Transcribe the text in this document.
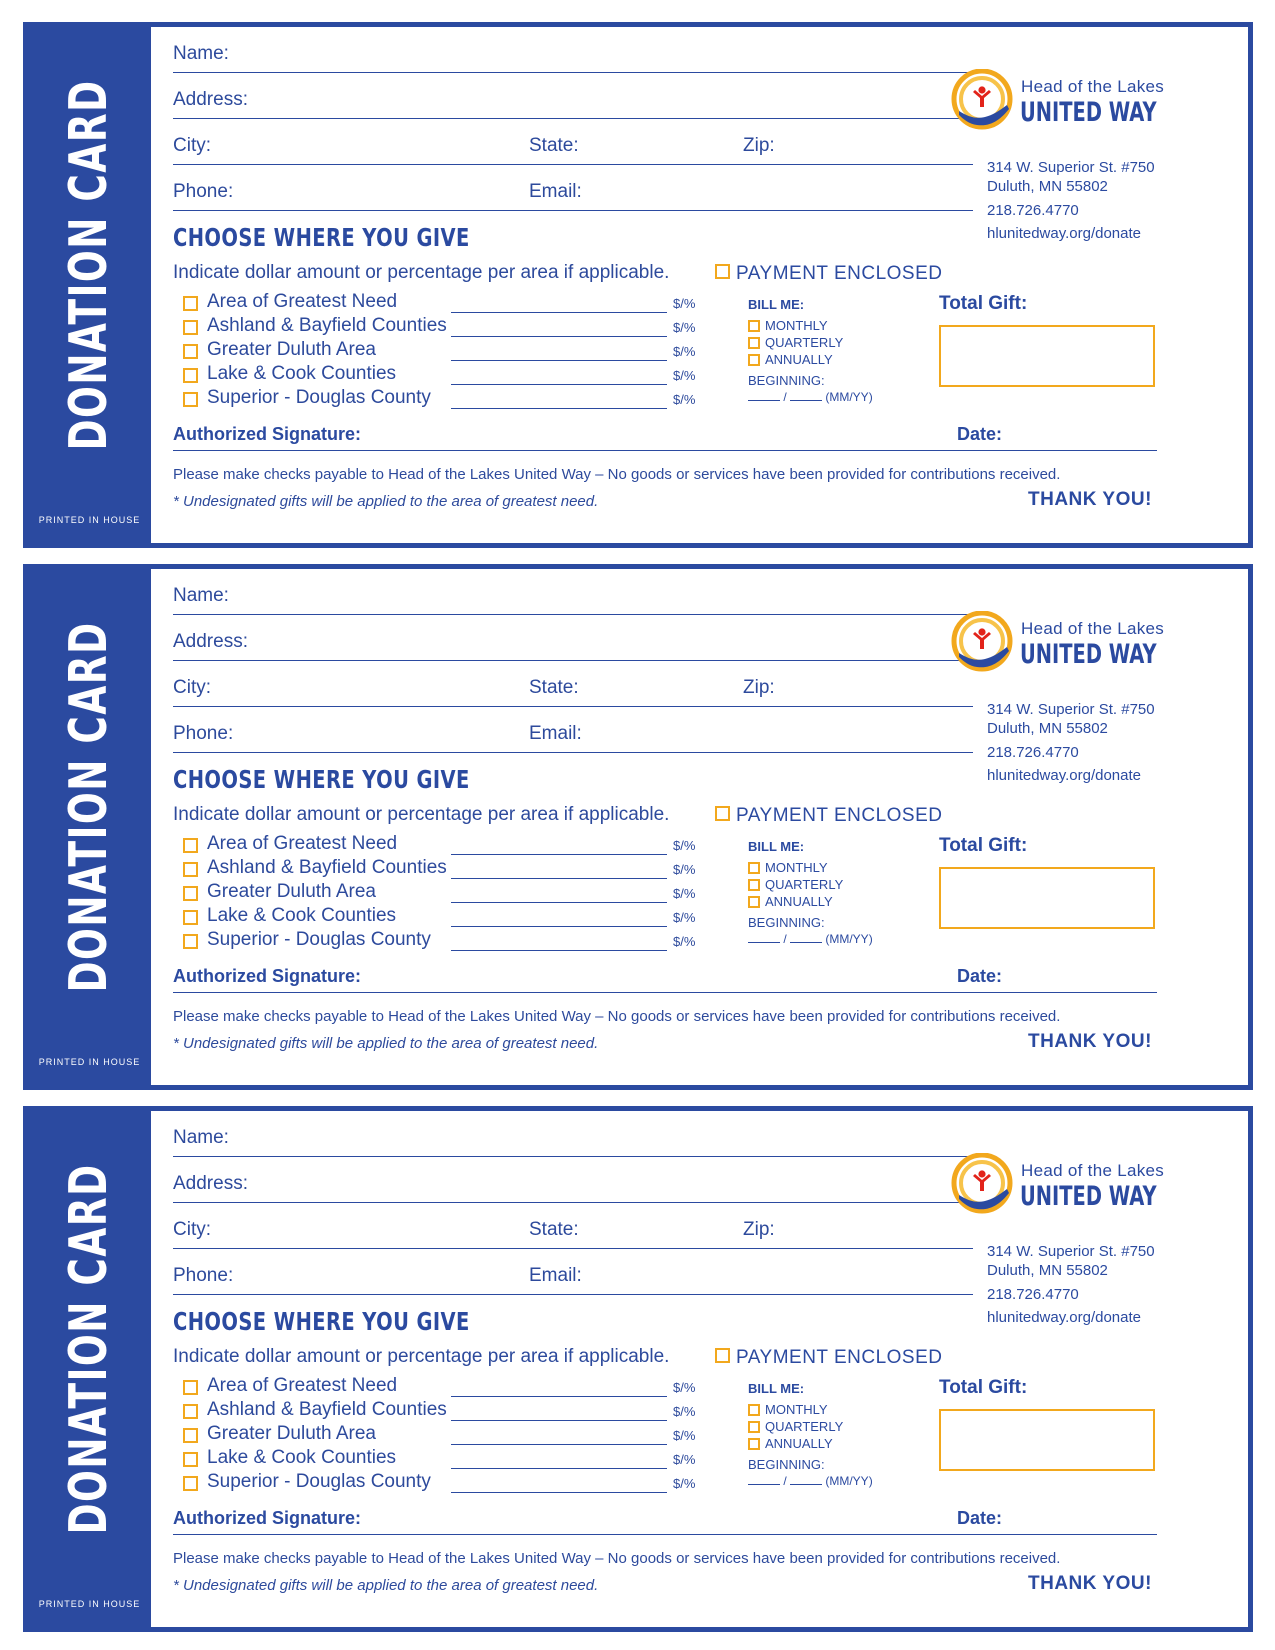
DONATION CARD
PRINTED IN HOUSE
Name:
Address:
City:	State:	Zip:
Phone:	Email:
CHOOSE WHERE YOU GIVE
Indicate dollar amount or percentage per area if applicable.
Area of Greatest Need	$/%
Ashland & Bayfield Counties	$/%
Greater Duluth Area	$/%
Lake & Cook Counties	$/%
Superior - Douglas County	$/%
PAYMENT ENCLOSED
BILL ME:
MONTHLY
QUARTERLY
ANNUALLY
BEGINNING:
/	(MM/YY)
Total Gift:
Head of the Lakes
UNITED WAY
314 W. Superior St. #750
Duluth, MN 55802
218.726.4770
hlunitedway.org/donate
Authorized Signature:	Date:
Please make checks payable to Head of the Lakes United Way – No goods or services have been provided for contributions received.
* Undesignated gifts will be applied to the area of greatest need.	THANK YOU!
DONATION CARD
PRINTED IN HOUSE
Name:
Address:
City:	State:	Zip:
Phone:	Email:
CHOOSE WHERE YOU GIVE
Indicate dollar amount or percentage per area if applicable.
Area of Greatest Need	$/%
Ashland & Bayfield Counties	$/%
Greater Duluth Area	$/%
Lake & Cook Counties	$/%
Superior - Douglas County	$/%
PAYMENT ENCLOSED
BILL ME:
MONTHLY
QUARTERLY
ANNUALLY
BEGINNING:
/	(MM/YY)
Total Gift:
Head of the Lakes
UNITED WAY
314 W. Superior St. #750
Duluth, MN 55802
218.726.4770
hlunitedway.org/donate
Authorized Signature:	Date:
Please make checks payable to Head of the Lakes United Way – No goods or services have been provided for contributions received.
* Undesignated gifts will be applied to the area of greatest need.	THANK YOU!
DONATION CARD
PRINTED IN HOUSE
Name:
Address:
City:	State:	Zip:
Phone:	Email:
CHOOSE WHERE YOU GIVE
Indicate dollar amount or percentage per area if applicable.
Area of Greatest Need	$/%
Ashland & Bayfield Counties	$/%
Greater Duluth Area	$/%
Lake & Cook Counties	$/%
Superior - Douglas County	$/%
PAYMENT ENCLOSED
BILL ME:
MONTHLY
QUARTERLY
ANNUALLY
BEGINNING:
/	(MM/YY)
Total Gift:
Head of the Lakes
UNITED WAY
314 W. Superior St. #750
Duluth, MN 55802
218.726.4770
hlunitedway.org/donate
Authorized Signature:	Date:
Please make checks payable to Head of the Lakes United Way – No goods or services have been provided for contributions received.
* Undesignated gifts will be applied to the area of greatest need.	THANK YOU!
